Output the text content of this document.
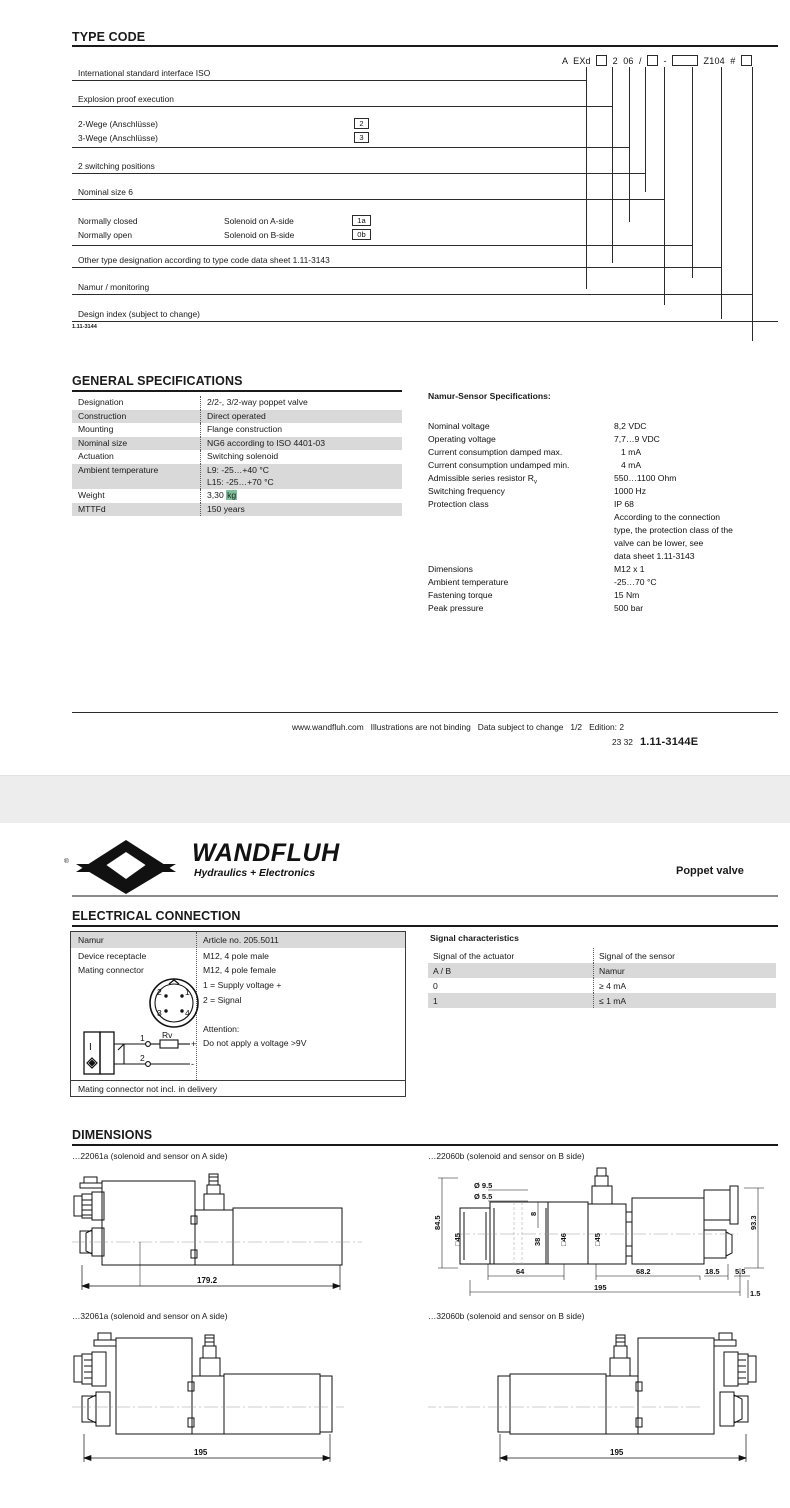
TYPE CODE
A EXd 2 06 / -	Z104 #
International standard interface ISO
Explosion proof execution
2-Wege (Anschlüsse)	2
3-Wege (Anschlüsse)	3
2 switching positions
Nominal size 6
Normally closed	Solenoid on A-side	1a
Normally open	Solenoid on B-side	0b
Other type designation according to type code data sheet 1.11-3143
Namur / monitoring
Design index (subject to change)
1.11-3144
GENERAL SPECIFICATIONS
Designation	2/2-, 3/2-way poppet valve
Construction	Direct operated
Mounting	Flange construction
Nominal size	NG6 according to ISO 4401-03
Actuation	Switching solenoid
Ambient temperature	L9: -25…+40 °C
L15: -25…+70 °C
Weight	3,30 kg
MTTFd	150 years
Namur-Sensor Specifications:
Nominal voltage	8,2 VDC
Operating voltage	7,7…9 VDC
Current consumption damped max.	1 mA
Current consumption undamped min.	4 mA
Admissible series resistor $R_v$	550…1100 Ohm
Switching frequency	1000 Hz
Protection class	IP 68
According to the connection
type, the protection class of the
valve can be lower, see
data sheet 1.11-3143
Dimensions	M12 x 1
Ambient temperature	-25…70 °C
Fastening torque	15 Nm
Peak pressure	500 bar
www.wandfluh.com Illustrations are not binding Data subject to change 1/2 Edition: 2
23 32 1.11-3144E
®	WANDFLUH
Hydraulics + Electronics	Poppet valve
ELECTRICAL CONNECTION
Namur	Article no. 205.5011
Device receptacle	M12, 4 pole male
Mating connector	M12, 4 pole female
1 = Supply voltage +
2 = Signal
Attention:
Do not apply a voltage >9V
Mating connector not incl. in delivery
1
2
3	4
I
Rv
1
+
2
-
Signal characteristics
Signal of the actuator	Signal of the sensor
A / B	Namur
0	≥ 4 mA
1	≤ 1 mA
DIMENSIONS
…22061a (solenoid and sensor on A side)	…22060b (solenoid and sensor on B side)
179.2
Ø 9.5
Ø 5.5
84.5
□45	38
8
□46	□45
64	68.2	18.5 5.5
93.3
195
1.5
…32061a (solenoid and sensor on A side)	…32060b (solenoid and sensor on B side)
195	195
